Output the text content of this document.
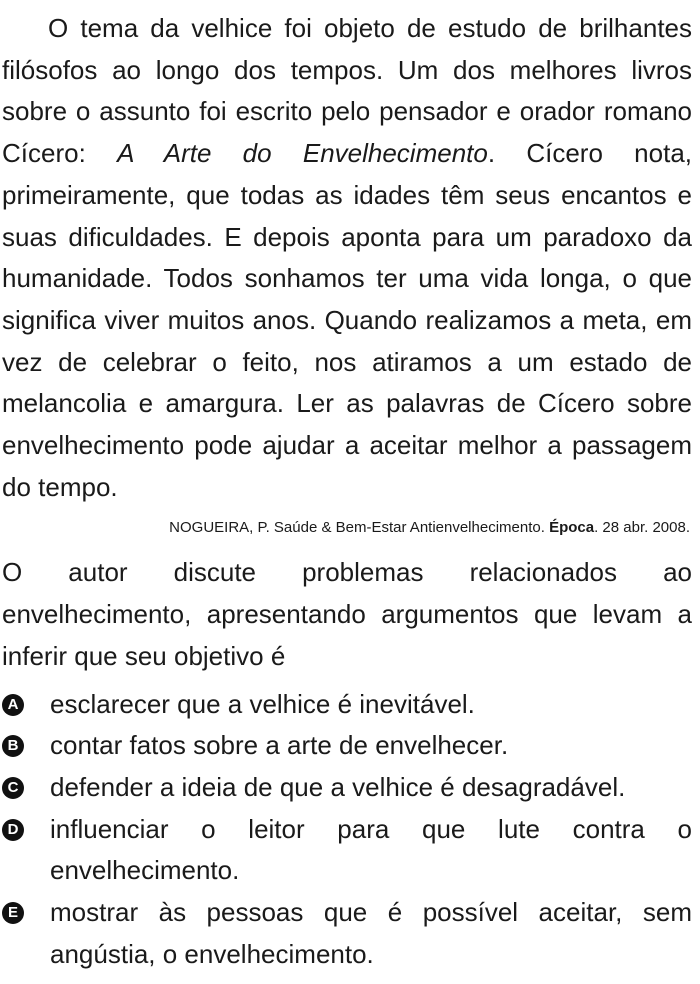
O tema da velhice foi objeto de estudo de brilhantes filósofos ao longo dos tempos. Um dos melhores livros sobre o assunto foi escrito pelo pensador e orador romano Cícero: A Arte do Envelhecimento. Cícero nota, primeiramente, que todas as idades têm seus encantos e suas dificuldades. E depois aponta para um paradoxo da humanidade. Todos sonhamos ter uma vida longa, o que significa viver muitos anos. Quando realizamos a meta, em vez de celebrar o feito, nos atiramos a um estado de melancolia e amargura. Ler as palavras de Cícero sobre envelhecimento pode ajudar a aceitar melhor a passagem do tempo.

NOGUEIRA, P. Saúde & Bem-Estar Antienvelhecimento. Época. 28 abr. 2008.

O autor discute problemas relacionados ao envelhecimento, apresentando argumentos que levam a inferir que seu objetivo é

A esclarecer que a velhice é inevitável.
B contar fatos sobre a arte de envelhecer.
C defender a ideia de que a velhice é desagradável.
D influenciar o leitor para que lute contra o envelhecimento.
E mostrar às pessoas que é possível aceitar, sem angústia, o envelhecimento.
